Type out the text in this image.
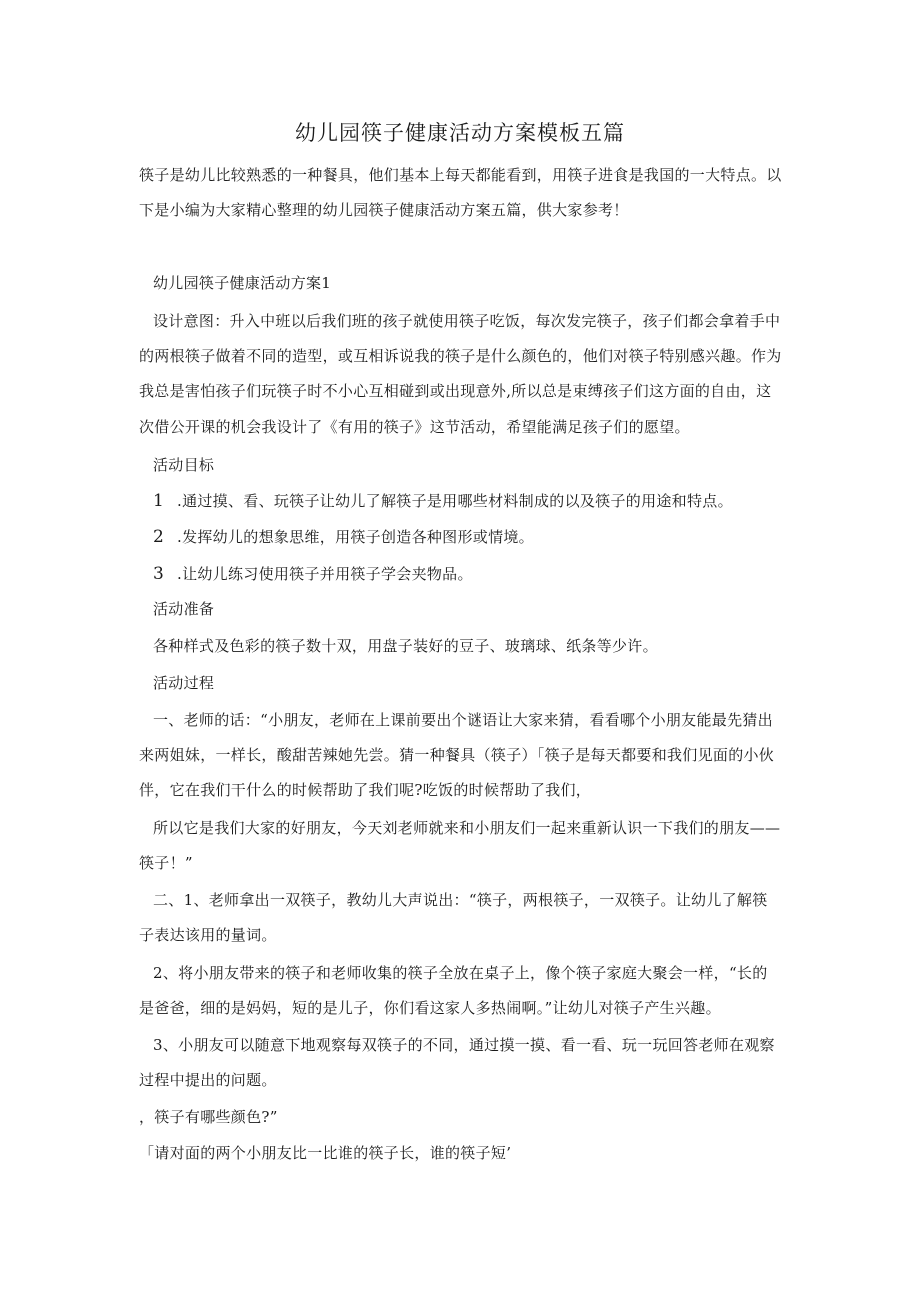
幼儿园筷子健康活动方案模板五篇
筷子是幼儿比较熟悉的一种餐具，他们基本上每天都能看到，用筷子进食是我国的一大特点。以
下是小编为大家精心整理的幼儿园筷子健康活动方案五篇，供大家参考！
幼儿园筷子健康活动方案1
设计意图：升入中班以后我们班的孩子就使用筷子吃饭，每次发完筷子，孩子们都会拿着手中
的两根筷子做着不同的造型，或互相诉说我的筷子是什么颜色的，他们对筷子特别感兴趣。作为
我总是害怕孩子们玩筷子时不小心互相碰到或出现意外,所以总是束缚孩子们这方面的自由，这
次借公开课的机会我设计了《有用的筷子》这节活动，希望能满足孩子们的愿望。
活动目标
1 .通过摸、看、玩筷子让幼儿了解筷子是用哪些材料制成的以及筷子的用途和特点。
2 .发挥幼儿的想象思维，用筷子创造各种图形或情境。
3 .让幼儿练习使用筷子并用筷子学会夹物品。
活动准备
各种样式及色彩的筷子数十双，用盘子装好的豆子、玻璃球、纸条等少许。
活动过程
一、老师的话：“小朋友，老师在上课前要出个谜语让大家来猜，看看哪个小朋友能最先猜出
来两姐妹，一样长，酸甜苦辣她先尝。猜一种餐具（筷子）「筷子是每天都要和我们见面的小伙
伴，它在我们干什么的时候帮助了我们呢?吃饭的时候帮助了我们，
所以它是我们大家的好朋友，今天刘老师就来和小朋友们一起来重新认识一下我们的朋友——
筷子！”
二、1、老师拿出一双筷子，教幼儿大声说出：“筷子，两根筷子，一双筷子。让幼儿了解筷
子表达该用的量词。
2、将小朋友带来的筷子和老师收集的筷子全放在桌子上，像个筷子家庭大聚会一样，“长的
是爸爸，细的是妈妈，短的是儿子，你们看这家人多热闹啊。”让幼儿对筷子产生兴趣。
3、小朋友可以随意下地观察每双筷子的不同，通过摸一摸、看一看、玩一玩回答老师在观察
过程中提出的问题。
，筷子有哪些颜色?”
「请对面的两个小朋友比一比谁的筷子长，谁的筷子短’
